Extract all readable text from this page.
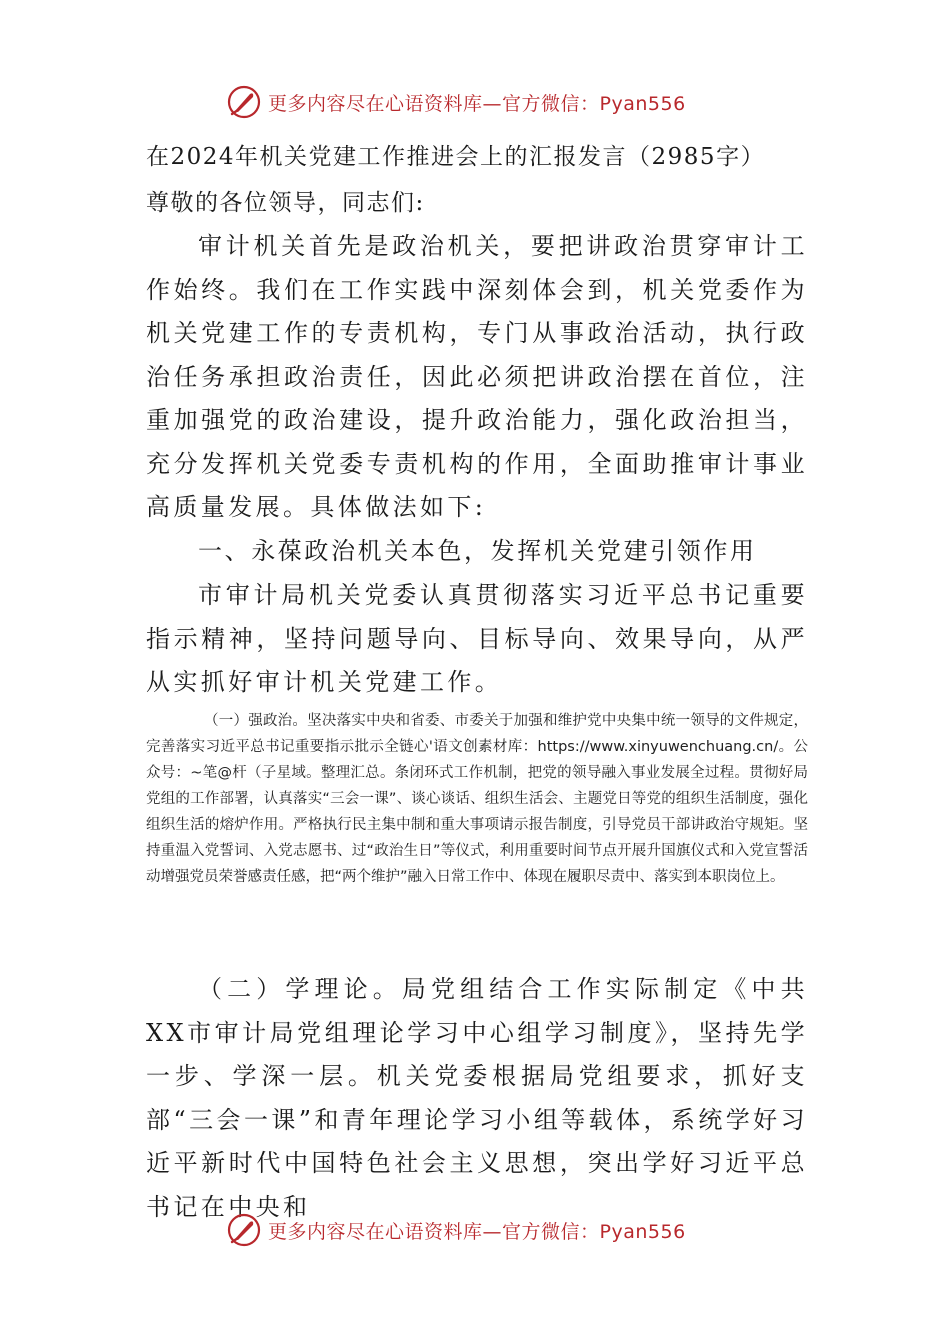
更多内容尽在心语资料库—官方微信：Pyan556
在2024年机关党建工作推进会上的汇报发言（2985字）
尊敬的各位领导，同志们:

审计机关首先是政治机关，要把讲政治贯穿审计工作始终。我们在工作实践中深刻体会到，机关党委作为机关党建工作的专责机构，专门从事政治活动，执行政治任务承担政治责任，因此必须把讲政治摆在首位，注重加强党的政治建设，提升政治能力，强化政治担当，充分发挥机关党委专责机构的作用，全面助推审计事业高质量发展。具体做法如下:

一、永葆政治机关本色，发挥机关党建引领作用

市审计局机关党委认真贯彻落实习近平总书记重要指示精神，坚持问题导向、目标导向、效果导向，从严从实抓好审计机关党建工作。

（一）强政治。坚决落实中央和省委、市委关于加强和维护党中央集中统一领导的文件规定，完善落实习近平总书记重要指示批示全链心'语文创素材库：https://www.xinyuwenchuang.cn/。公众号：~笔@杆（子星域。整理汇总。条闭环式工作机制，把党的领导融入事业发展全过程。贯彻好局党组的工作部署，认真落实“三会一课”、谈心谈话、组织生活会、主题党日等党的组织生活制度，强化组织生活的熔炉作用。严格执行民主集中制和重大事项请示报告制度，引导党员干部讲政治守规矩。坚持重温入党誓词、入党志愿书、过“政治生日”等仪式，利用重要时间节点开展升国旗仪式和入党宣誓活动增强党员荣誉感责任感，把“两个维护”融入日常工作中、体现在履职尽责中、落实到本职岗位上。

（二）学理论。局党组结合工作实际制定《中共XX市审计局党组理论学习中心组学习制度》，坚持先学一步、学深一层。机关党委根据局党组要求，抓好支部“三会一课”和青年理论学习小组等载体，系统学好习近平新时代中国特色社会主义思想，突出学好习近平总书记在中央和

更多内容尽在心语资料库—官方微信：Pyan556
